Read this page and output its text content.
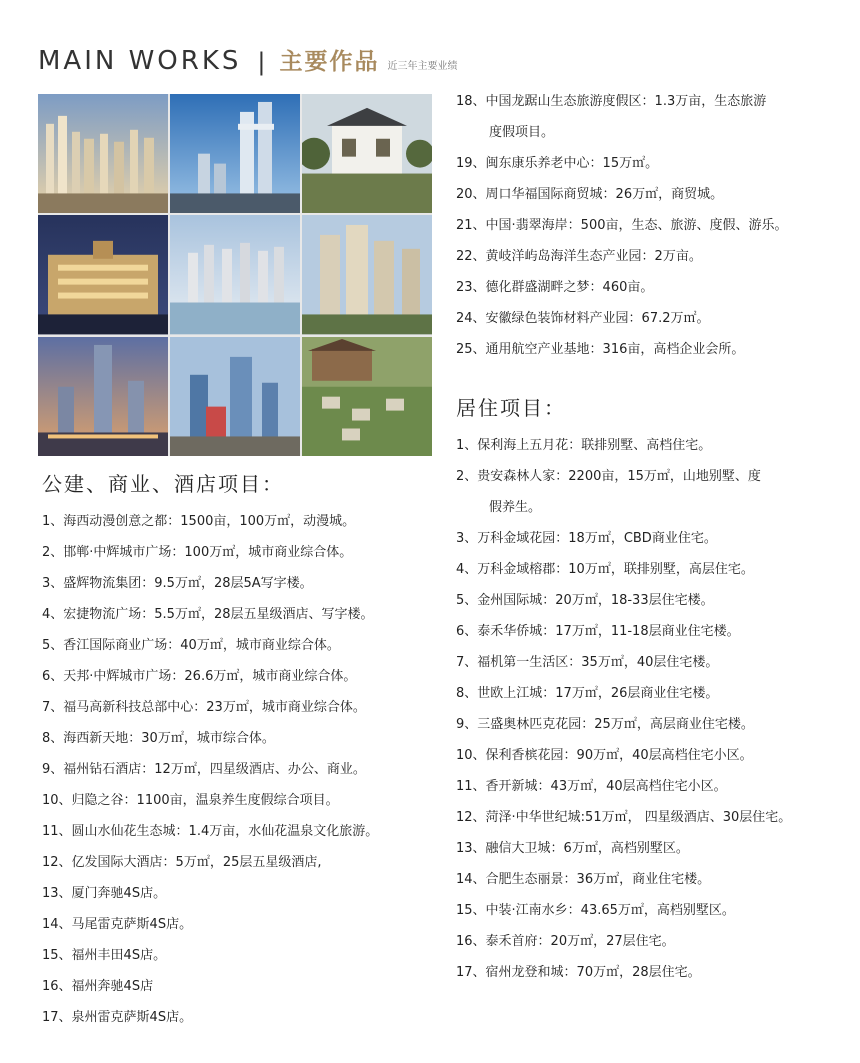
MAIN WORKS | 主要作品 近三年主要业绩
公建、商业、酒店项目：
1、海西动漫创意之都：1500亩，100万㎡，动漫城。
2、邯郸·中辉城市广场：100万㎡，城市商业综合体。
3、盛辉物流集团：9.5万㎡，28层5A写字楼。
4、宏捷物流广场：5.5万㎡，28层五星级酒店、写字楼。
5、香江国际商业广场：40万㎡，城市商业综合体。
6、天邦·中辉城市广场：26.6万㎡，城市商业综合体。
7、福马高新科技总部中心：23万㎡，城市商业综合体。
8、海西新天地：30万㎡，城市综合体。
9、福州钻石酒店：12万㎡，四星级酒店、办公、商业。
10、归隐之谷：1100亩，温泉养生度假综合项目。
11、圆山水仙花生态城：1.4万亩，水仙花温泉文化旅游。
12、亿发国际大酒店：5万㎡，25层五星级酒店,
13、厦门奔驰4S店。
14、马尾雷克萨斯4S店。
15、福州丰田4S店。
16、福州奔驰4S店
17、泉州雷克萨斯4S店。
18、中国龙踞山生态旅游度假区：1.3万亩，生态旅游
度假项目。
19、闽东康乐养老中心：15万㎡。
20、周口华福国际商贸城：26万㎡，商贸城。
21、中国·翡翠海岸：500亩，生态、旅游、度假、游乐。
22、黄岐洋屿岛海洋生态产业园：2万亩。
23、德化群盛湖畔之梦：460亩。
24、安徽绿色装饰材料产业园：67.2万㎡。
25、通用航空产业基地：316亩，高档企业会所。
居住项目：
1、保利海上五月花：联排别墅、高档住宅。
2、贵安森林人家：2200亩，15万㎡，山地别墅、度
假养生。
3、万科金域花园：18万㎡，CBD商业住宅。
4、万科金域榕郡：10万㎡，联排别墅，高层住宅。
5、金州国际城：20万㎡，18-33层住宅楼。
6、泰禾华侨城：17万㎡，11-18层商业住宅楼。
7、福机第一生活区：35万㎡，40层住宅楼。
8、世欧上江城：17万㎡，26层商业住宅楼。
9、三盛奥林匹克花园：25万㎡，高层商业住宅楼。
10、保利香槟花园：90万㎡，40层高档住宅小区。
11、香开新城：43万㎡，40层高档住宅小区。
12、菏泽·中华世纪城:51万㎡， 四星级酒店、30层住宅。
13、融信大卫城：6万㎡，高档别墅区。
14、合肥生态丽景：36万㎡，商业住宅楼。
15、中装·江南水乡：43.65万㎡，高档别墅区。
16、泰禾首府：20万㎡，27层住宅。
17、宿州龙登和城：70万㎡，28层住宅。
